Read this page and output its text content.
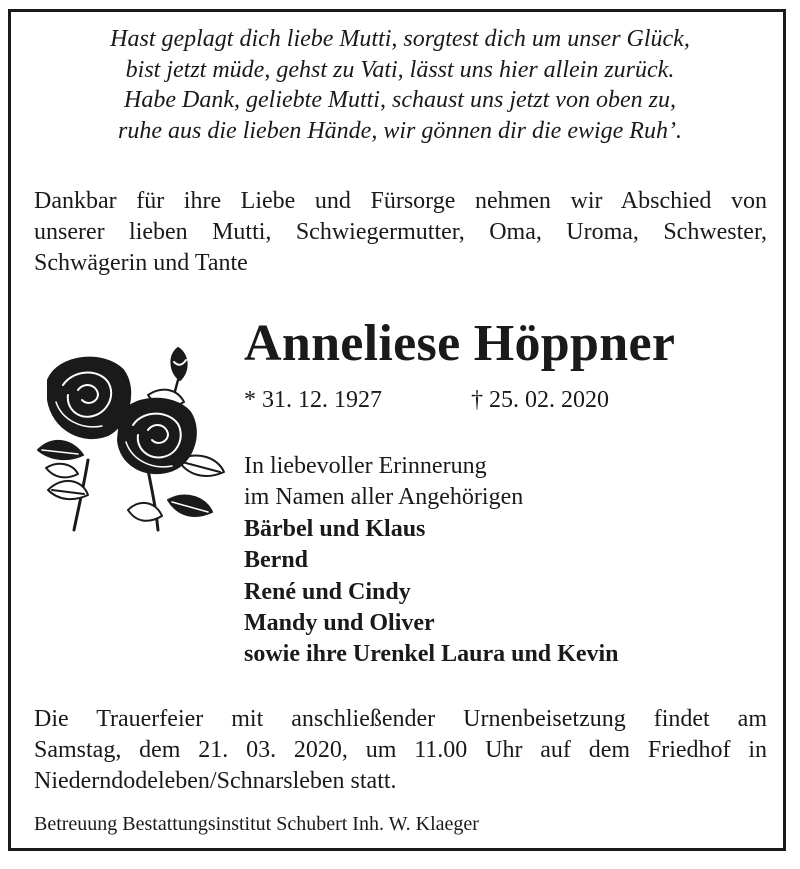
Hast geplagt dich liebe Mutti, sorgtest dich um unser Glück,
bist jetzt müde, gehst zu Vati, lässt uns hier allein zurück.
Habe Dank, geliebte Mutti, schaust uns jetzt von oben zu,
ruhe aus die lieben Hände, wir gönnen dir die ewige Ruh’.
Dankbar für ihre Liebe und Fürsorge nehmen wir Abschied von
unserer lieben Mutti, Schwiegermutter, Oma, Uroma, Schwester,
Schwägerin und Tante
Anneliese Höppner
* 31. 12. 1927	† 25. 02. 2020
In liebevoller Erinnerung
im Namen aller Angehörigen
Bärbel und Klaus
Bernd
René und Cindy
Mandy und Oliver
sowie ihre Urenkel Laura und Kevin
Die Trauerfeier mit anschließender Urnenbeisetzung findet am
Samstag, dem 21. 03. 2020, um 11.00 Uhr auf dem Friedhof in
Niederndodeleben/Schnarsleben statt.
Betreuung Bestattungsinstitut Schubert Inh. W. Klaeger
